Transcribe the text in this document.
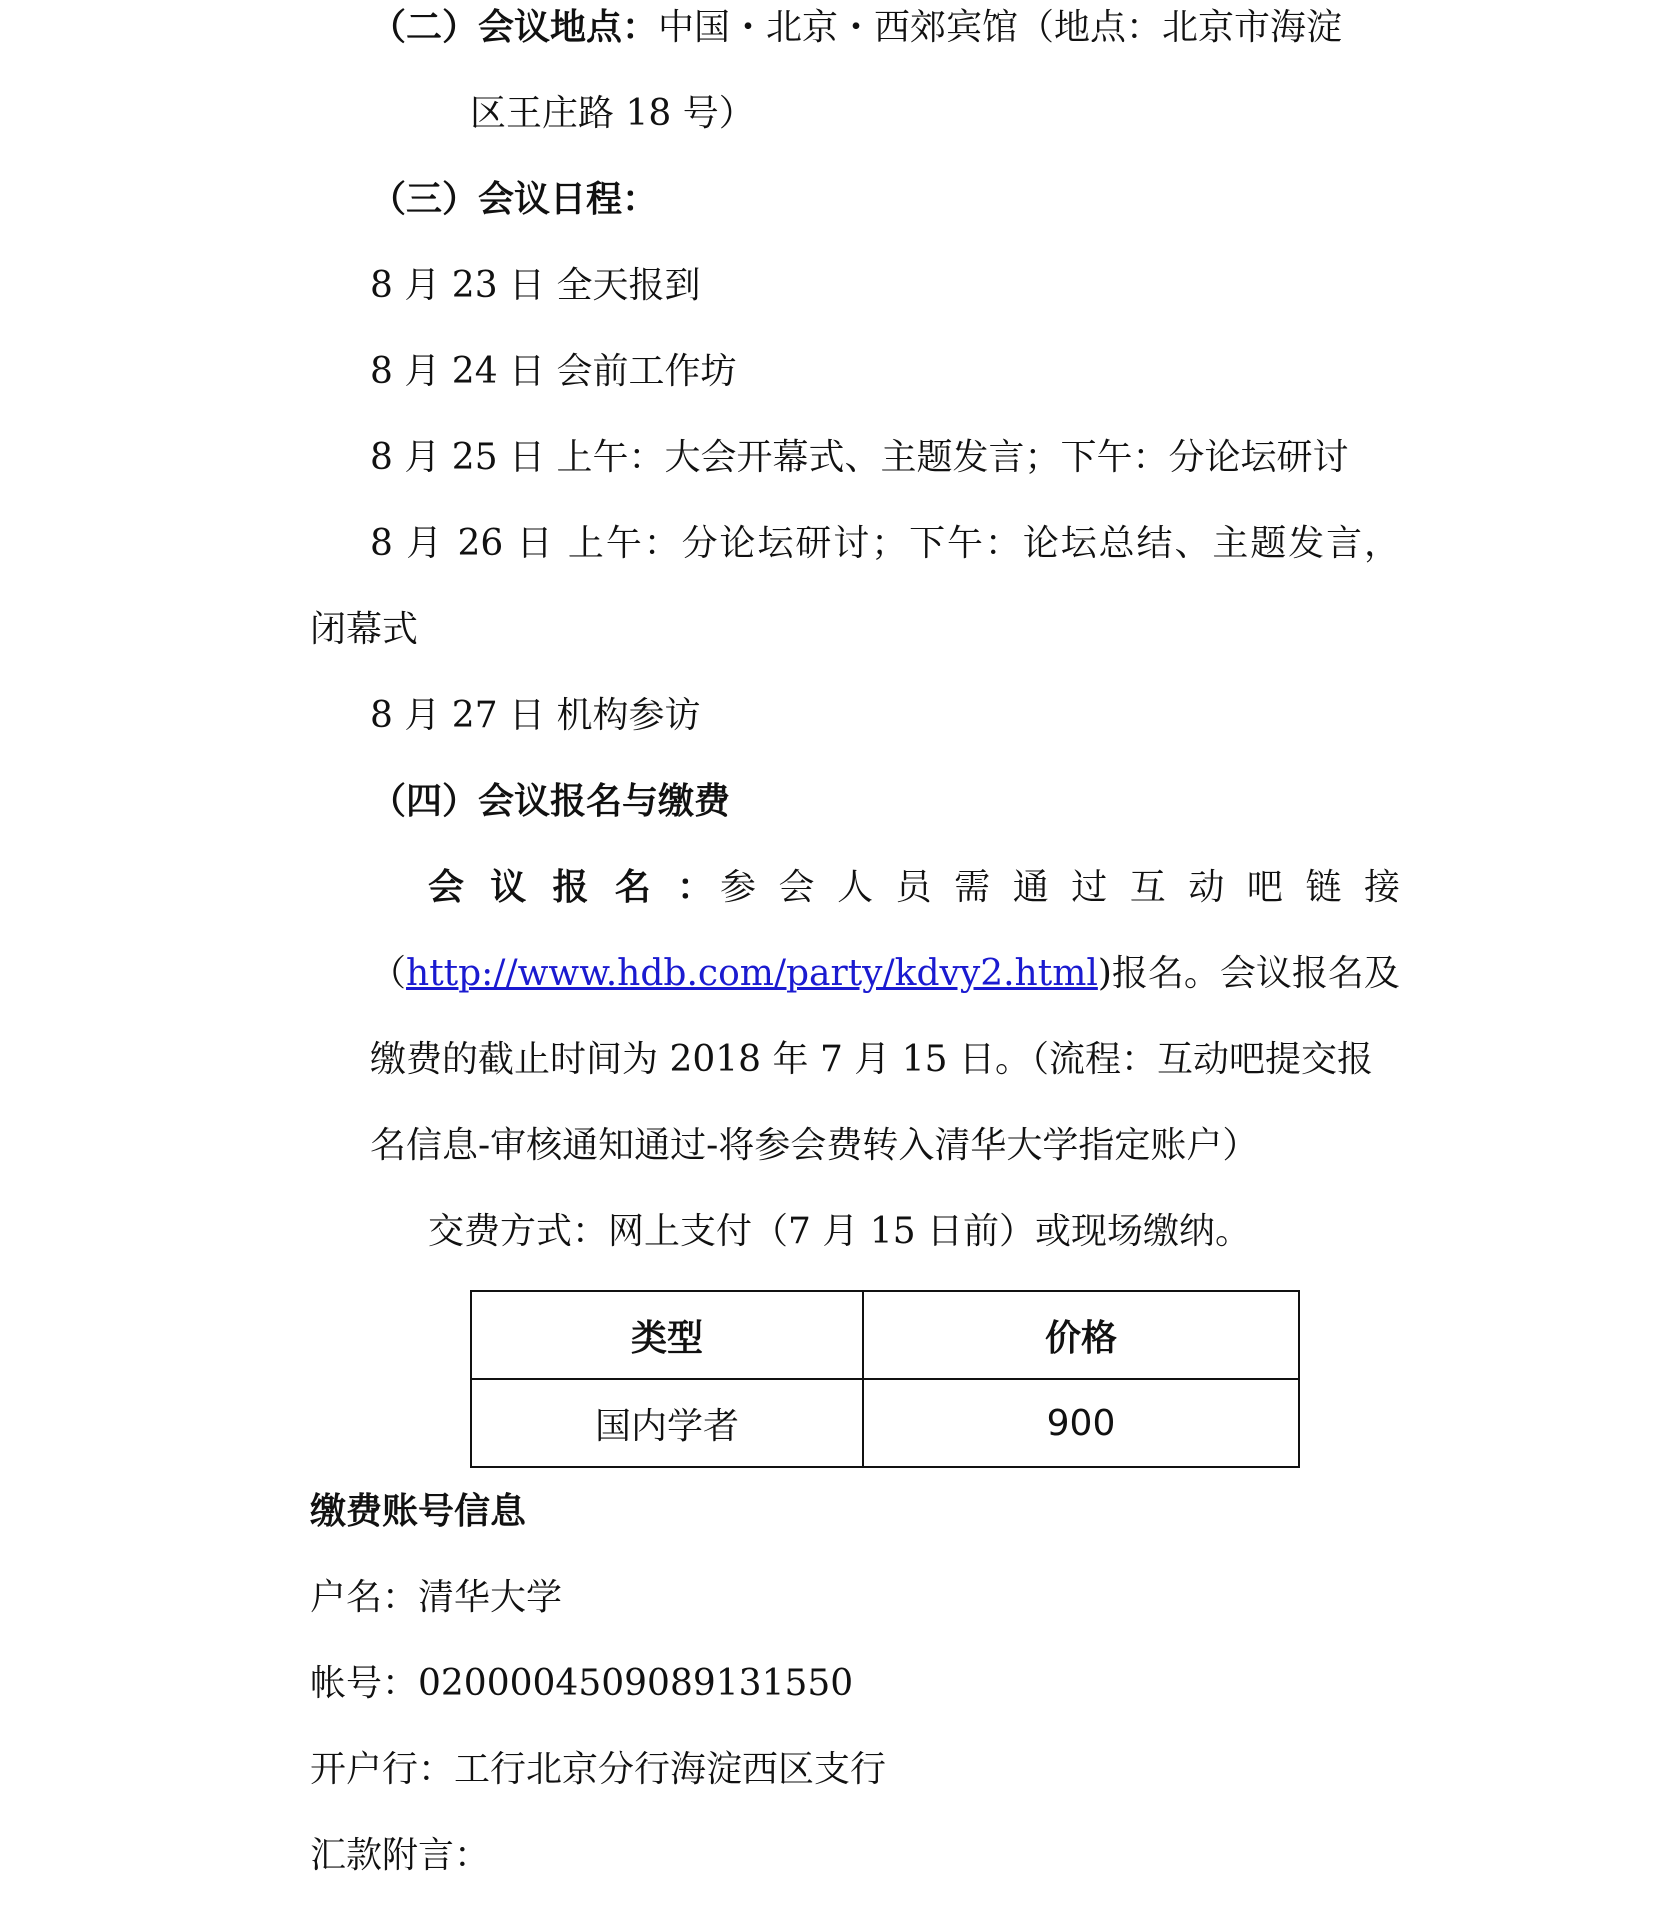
（二）会议地点：中国・北京・西郊宾馆（地点：北京市海淀
区王庄路 18 号）
（三）会议日程：
8 月 23 日 全天报到
8 月 24 日 会前工作坊
8 月 25 日 上午：大会开幕式、主题发言；下午：分论坛研讨
8 月 26 日 上午：分论坛研讨；下午：论坛总结、主题发言，
闭幕式
8 月 27 日 机构参访
（四）会议报名与缴费
会议报名： 参会人员需通过互动吧链接
（http://www.hdb.com/party/kdvy2.html)报名。会议报名及
缴费的截止时间为 2018 年 7 月 15 日。（流程：互动吧提交报
名信息-审核通知通过-将参会费转入清华大学指定账户）
交费方式：网上支付（7 月 15 日前）或现场缴纳。
类型	价格
国内学者	900
缴费账号信息
户名：清华大学
帐号：0200004509089131550
开户行：工行北京分行海淀西区支行
汇款附言：
